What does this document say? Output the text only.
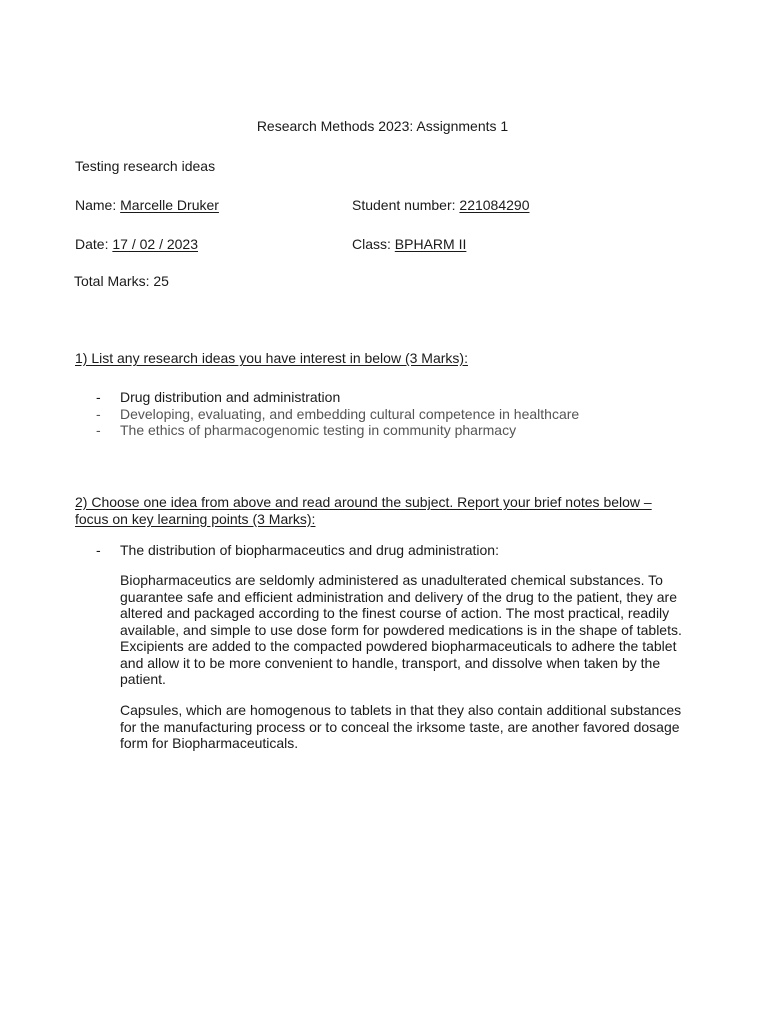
Research Methods 2023: Assignments 1
Testing research ideas
Name: Marcelle Druker	Student number: 221084290
Date: 17 / 02 / 2023	Class: BPHARM II
Total Marks: 25
1) List any research ideas you have interest in below (3 Marks):
- Drug distribution and administration
- Developing, evaluating, and embedding cultural competence in healthcare
- The ethics of pharmacogenomic testing in community pharmacy
2) Choose one idea from above and read around the subject. Report your brief notes below – focus on key learning points (3 Marks):
- The distribution of biopharmaceutics and drug administration:

Biopharmaceutics are seldomly administered as unadulterated chemical substances. To guarantee safe and efficient administration and delivery of the drug to the patient, they are altered and packaged according to the finest course of action. The most practical, readily available, and simple to use dose form for powdered medications is in the shape of tablets. Excipients are added to the compacted powdered biopharmaceuticals to adhere the tablet and allow it to be more convenient to handle, transport, and dissolve when taken by the patient.

Capsules, which are homogenous to tablets in that they also contain additional substances for the manufacturing process or to conceal the irksome taste, are another favored dosage form for Biopharmaceuticals.
